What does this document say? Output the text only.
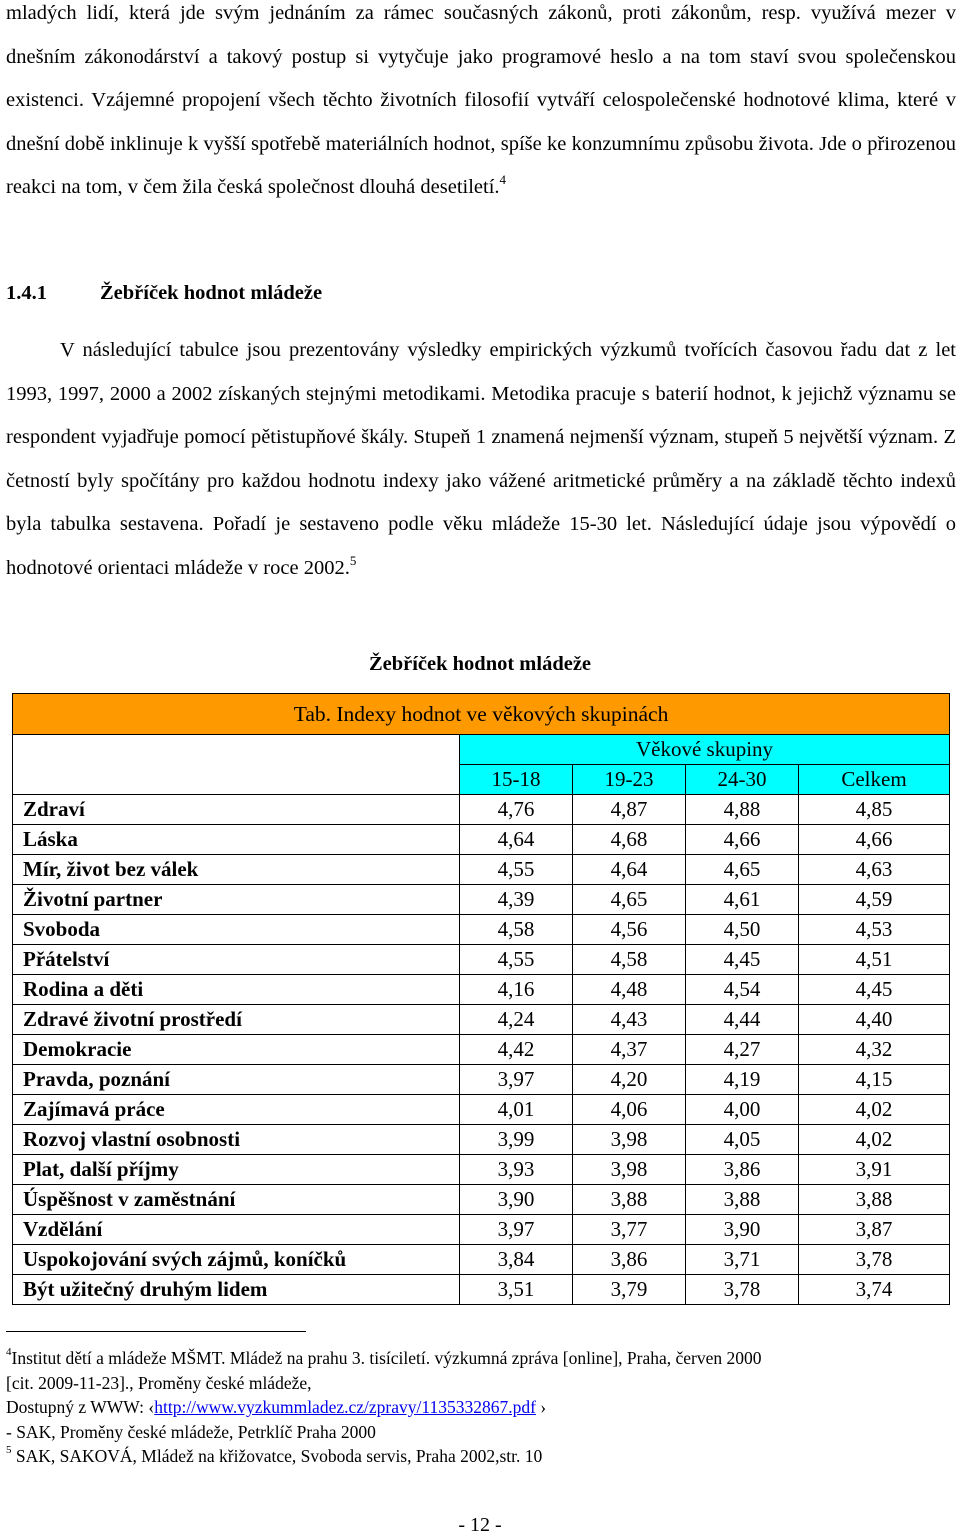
mladých lidí, která jde svým jednáním za rámec současných zákonů, proti zákonům, resp. využívá mezer v dnešním zákonodárství a takový postup si vytyčuje jako programové heslo a na tom staví svou společenskou existenci. Vzájemné propojení všech těchto životních filosofií vytváří celospolečenské hodnotové klima, které v dnešní době inklinuje k vyšší spotřebě materiálních hodnot, spíše ke konzumnímu způsobu života. Jde o přirozenou reakci na tom, v čem žila česká společnost dlouhá desetiletí.$^4$
1.4.1	Žebříček hodnot mládeže
V následující tabulce jsou prezentovány výsledky empirických výzkumů tvořících časovou řadu dat z let 1993, 1997, 2000 a 2002 získaných stejnými metodikami. Metodika pracuje s baterií hodnot, k jejichž významu se respondent vyjadřuje pomocí pětistupňové škály. Stupeň 1 znamená nejmenší význam, stupeň 5 největší význam. Z četností byly spočítány pro každou hodnotu indexy jako vážené aritmetické průměry a na základě těchto indexů byla tabulka sestavena. Pořadí je sestaveno podle věku mládeže 15-30 let. Následující údaje jsou výpovědí o hodnotové orientaci mládeže v roce 2002.$^5$
Žebříček hodnot mládeže
Tab. Indexy hodnot ve věkových skupinách				
	Věkové skupiny			
	15-18	19-23	24-30	Celkem
Zdraví	4,76	4,87	4,88	4,85
Láska	4,64	4,68	4,66	4,66
Mír, život bez válek	4,55	4,64	4,65	4,63
Životní partner	4,39	4,65	4,61	4,59
Svoboda	4,58	4,56	4,50	4,53
Přátelství	4,55	4,58	4,45	4,51
Rodina a děti	4,16	4,48	4,54	4,45
Zdravé životní prostředí	4,24	4,43	4,44	4,40
Demokracie	4,42	4,37	4,27	4,32
Pravda, poznání	3,97	4,20	4,19	4,15
Zajímavá práce	4,01	4,06	4,00	4,02
Rozvoj vlastní osobnosti	3,99	3,98	4,05	4,02
Plat, další příjmy	3,93	3,98	3,86	3,91
Úspěšnost v zaměstnání	3,90	3,88	3,88	3,88
Vzdělání	3,97	3,77	3,90	3,87
Uspokojování svých zájmů, koníčků	3,84	3,86	3,71	3,78
Být užitečný druhým lidem	3,51	3,79	3,78	3,74
$^4$Institut dětí a mládeže MŠMT. Mládež na prahu 3. tisíciletí. výzkumná zpráva [online], Praha, červen 2000
[cit. 2009-11-23]., Proměny české mládeže,
Dostupný z WWW: ‹http://www.vyzkummladez.cz/zpravy/1135332867.pdf ›
- SAK, Proměny české mládeže, Petrklíč Praha 2000
$^5$ SAK, SAKOVÁ, Mládež na křižovatce, Svoboda servis, Praha 2002,str. 10
- 12 -
